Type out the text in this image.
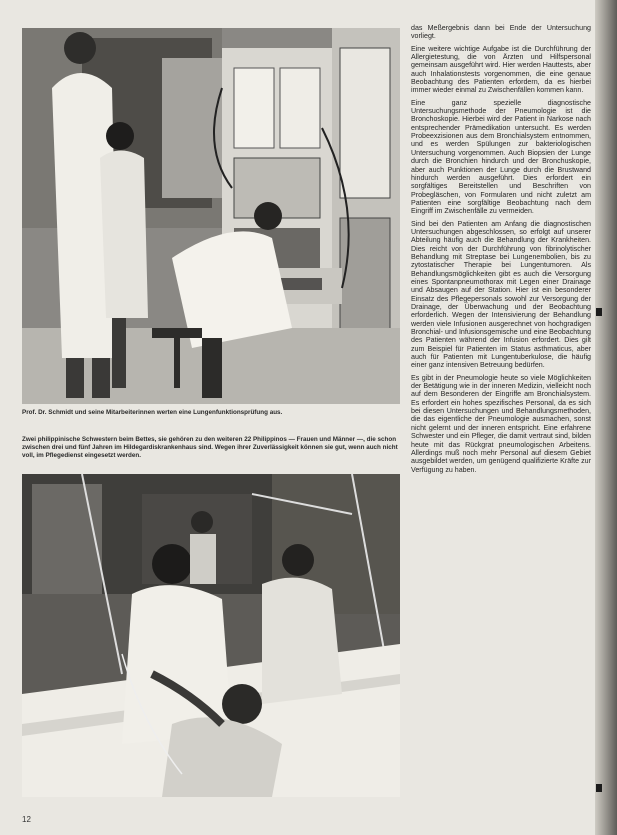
Prof. Dr. Schmidt und seine Mitarbeiterinnen werten eine Lungenfunktionsprüfung aus.

Zwei philippinische Schwestern beim Bettes, sie gehören zu den weiteren 22 Philippinos — Frauen und Männer —, die schon zwischen drei und fünf Jahren im Hildegardiskrankenhaus sind. Wegen ihrer Zuverlässigkeit können sie gut, wenn auch nicht voll, im Pflegedienst eingesetzt werden.

das Meßergebnis dann bei Ende der Untersuchung vorliegt.

Eine weitere wichtige Aufgabe ist die Durchführung der Allergietestung, die von Ärzten und Hilfspersonal gemeinsam ausgeführt wird. Hier werden Hauttests, aber auch Inhalationstests vorgenommen, die eine genaue Beobachtung des Patienten erfordern, da es hierbei immer wieder einmal zu Zwischenfällen kommen kann.

Eine ganz spezielle diagnostische Untersuchungsmethode der Pneumologie ist die Bronchoskopie. Hierbei wird der Patient in Narkose nach entsprechender Prämedikation untersucht. Es werden Probeexzisionen aus dem Bronchialsystem entnommen, und es werden Spülungen zur bakteriologischen Untersuchung vorgenommen. Auch Biopsien der Lunge durch die Bronchien hindurch und der Bronchuskopie, aber auch Punktionen der Lunge durch die Brustwand hindurch werden ausgeführt. Dies erfordert ein sorgfältiges Bereitstellen und Beschriften von Probegläschen, von Formularen und nicht zuletzt am Patienten eine sorgfältige Beobachtung nach dem Eingriff im Zwischenfälle zu vermeiden.

Sind bei den Patienten am Anfang die diagnostischen Untersuchungen abgeschlossen, so erfolgt auf unserer Abteilung häufig auch die Behandlung der Krankheiten. Dies reicht von der Durchführung von fibrinolytischer Behandlung mit Streptase bei Lungenembolien, bis zu zytostatischer Therapie bei Lungentumoren. Als Behandlungsmöglichkeiten gibt es auch die Versorgung eines Spontanpneumothorax mit Legen einer Drainage und Absaugen auf der Station. Hier ist ein besonderer Einsatz des Pflegepersonals sowohl zur Versorgung der Drainage, der Überwachung und der Beobachtung erforderlich. Wegen der Intensivierung der Behandlung werden viele Infusionen ausgerechnet von hochgradigen Bronchial- und Infusionsgemische und eine Beobachtung des Patienten während der Infusion erfordert. Dies gilt zum Beispiel für Patienten im Status asthmaticus, aber auch für Patienten mit Lungentuberkulose, die häufig einer ganz intensiven Betreuung bedürfen.

Es gibt in der Pneumologie heute so viele Möglichkeiten der Betätigung wie in der inneren Medizin, vielleicht noch auf dem Besonderen der Eingriffe am Bronchialsystem. Es erfordert ein hohes spezifisches Personal, da es sich bei diesen Untersuchungen und Behandlungsmethoden, die das eigentliche der Pneumologie ausmachen, sonst nicht gelernt und der inneren entspricht. Eine erfahrene Schwester und ein Pfleger, die damit vertraut sind, bilden heute mit das Rückgrat pneumologischen Arbeitens. Allerdings muß noch mehr Personal auf diesem Gebiet ausgebildet werden, um genügend qualifizierte Kräfte zur Verfügung zu haben.

12
